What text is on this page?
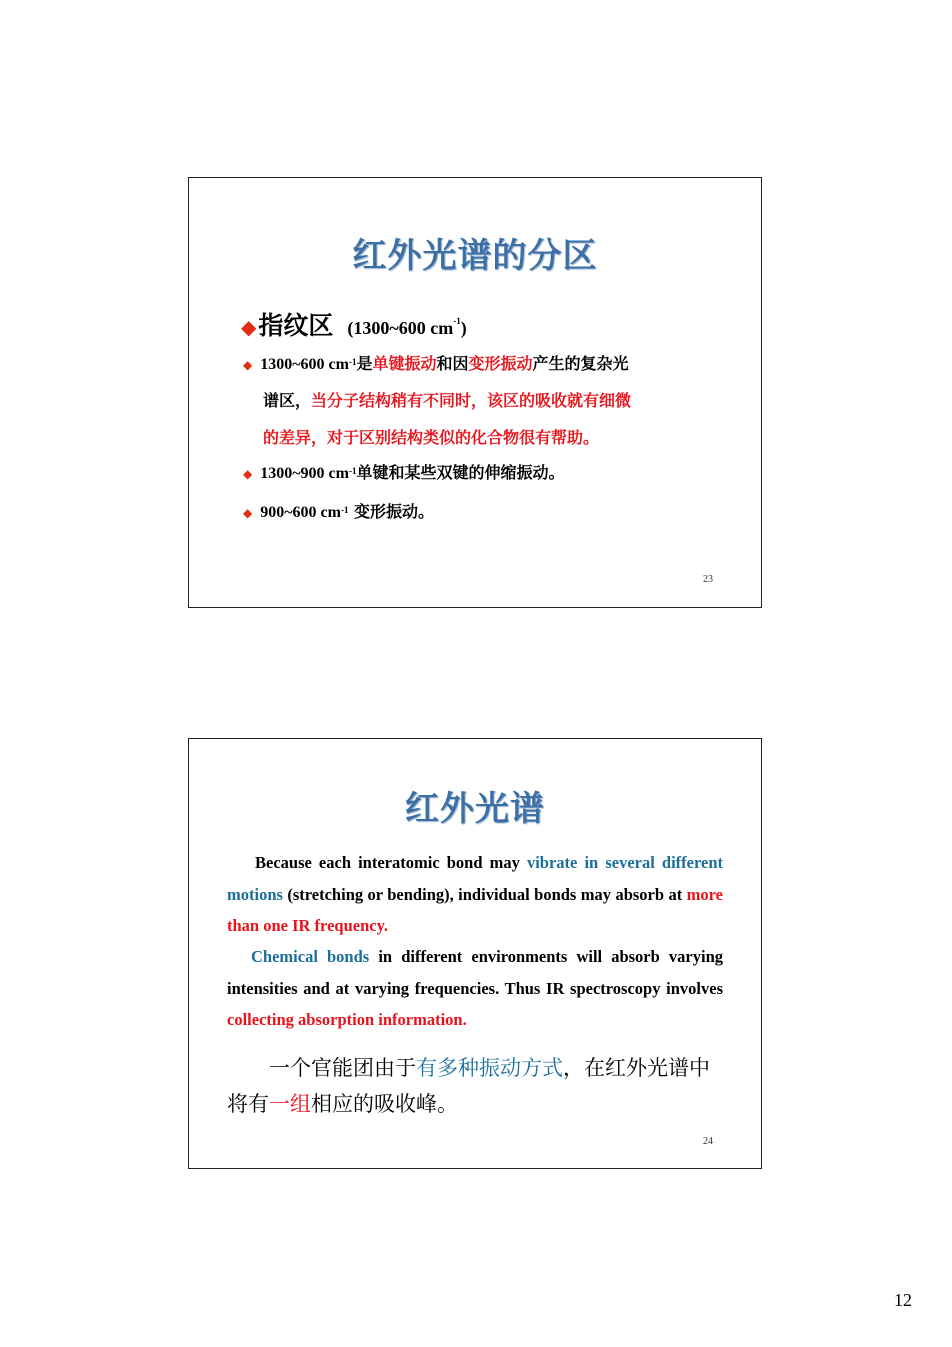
红外光谱的分区
◆ 指纹区 (1300~600 $cm^{-1}$)
◆ 1300~600 $cm^{-1}$是单键振动和因变形振动产生的复杂光
谱区，当分子结构稍有不同时，该区的吸收就有细微
的差异，对于区别结构类似的化合物很有帮助。
◆ 1300~900 $cm^{-1}$单键和某些双键的伸缩振动。
◆ 900~600 $cm^{-1}$ 变形振动。
23
红外光谱
Because each interatomic bond may vibrate in several different motions (stretching or bending), individual bonds may absorb at more than one IR frequency.
Chemical bonds in different environments will absorb varying intensities and at varying frequencies. Thus IR spectroscopy involves collecting absorption information.
一个官能团由于有多种振动方式，在红外光谱中将有一组相应的吸收峰。
24
12
